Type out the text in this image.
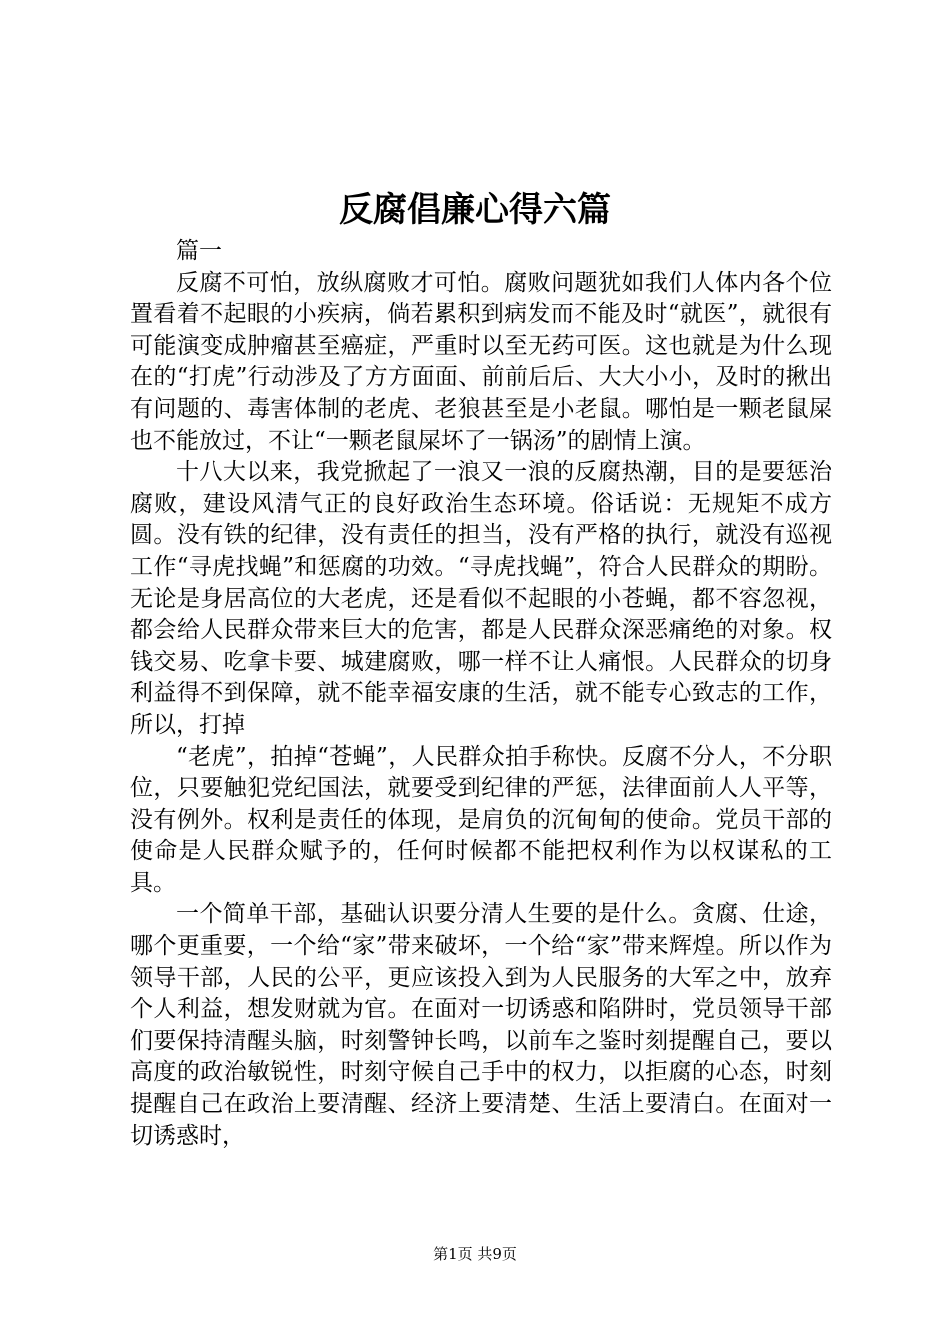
反腐倡廉心得六篇

篇一

反腐不可怕，放纵腐败才可怕。腐败问题犹如我们人体内各个位置看着不起眼的小疾病，倘若累积到病发而不能及时“就医”，就很有可能演变成肿瘤甚至癌症，严重时以至无药可医。这也就是为什么现在的“打虎”行动涉及了方方面面、前前后后、大大小小，及时的揪出有问题的、毒害体制的老虎、老狼甚至是小老鼠。哪怕是一颗老鼠屎也不能放过，不让“一颗老鼠屎坏了一锅汤”的剧情上演。

十八大以来，我党掀起了一浪又一浪的反腐热潮，目的是要惩治腐败，建设风清气正的良好政治生态环境。俗话说：无规矩不成方圆。没有铁的纪律，没有责任的担当，没有严格的执行，就没有巡视工作“寻虎找蝇”和惩腐的功效。“寻虎找蝇”，符合人民群众的期盼。无论是身居高位的大老虎，还是看似不起眼的小苍蝇，都不容忽视，都会给人民群众带来巨大的危害，都是人民群众深恶痛绝的对象。权钱交易、吃拿卡要、城建腐败，哪一样不让人痛恨。人民群众的切身利益得不到保障，就不能幸福安康的生活，就不能专心致志的工作，所以，打掉

“老虎”，拍掉“苍蝇”，人民群众拍手称快。反腐不分人，不分职位，只要触犯党纪国法，就要受到纪律的严惩，法律面前人人平等，没有例外。权利是责任的体现，是肩负的沉甸甸的使命。党员干部的使命是人民群众赋予的，任何时候都不能把权利作为以权谋私的工具。

一个简单干部，基础认识要分清人生要的是什么。贪腐、仕途，哪个更重要，一个给“家”带来破坏，一个给“家”带来辉煌。所以作为领导干部，人民的公平，更应该投入到为人民服务的大军之中，放弃个人利益，想发财就为官。在面对一切诱惑和陷阱时，党员领导干部们要保持清醒头脑，时刻警钟长鸣，以前车之鉴时刻提醒自己，要以高度的政治敏锐性，时刻守候自己手中的权力，以拒腐的心态，时刻提醒自己在政治上要清醒、经济上要清楚、生活上要清白。在面对一切诱惑时，

第1页 共9页
